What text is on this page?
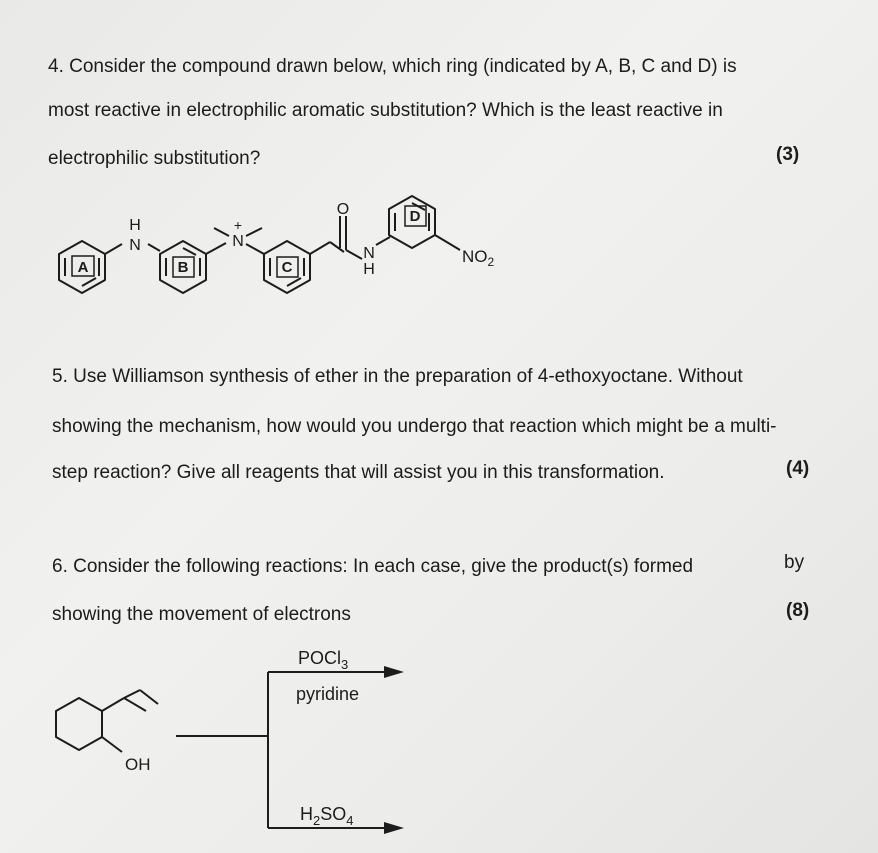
4. Consider the compound drawn below, which ring (indicated by A, B, C and D) is
most reactive in electrophilic aromatic substitution? Which is the least reactive in
electrophilic substitution?	(3)
5. Use Williamson synthesis of ether in the preparation of 4-ethoxyoctane. Without
showing the mechanism, how would you undergo that reaction which might be a multi-
step reaction? Give all reagents that will assist you in this transformation.	(4)
6. Consider the following reactions: In each case, give the product(s) formed	by
showing the movement of electrons	(8)
A	B	C
D
N
H
N
+
O
N
H
$NO_2$
OH
POCl$_3$
pyridine
$H_2SO_4$
